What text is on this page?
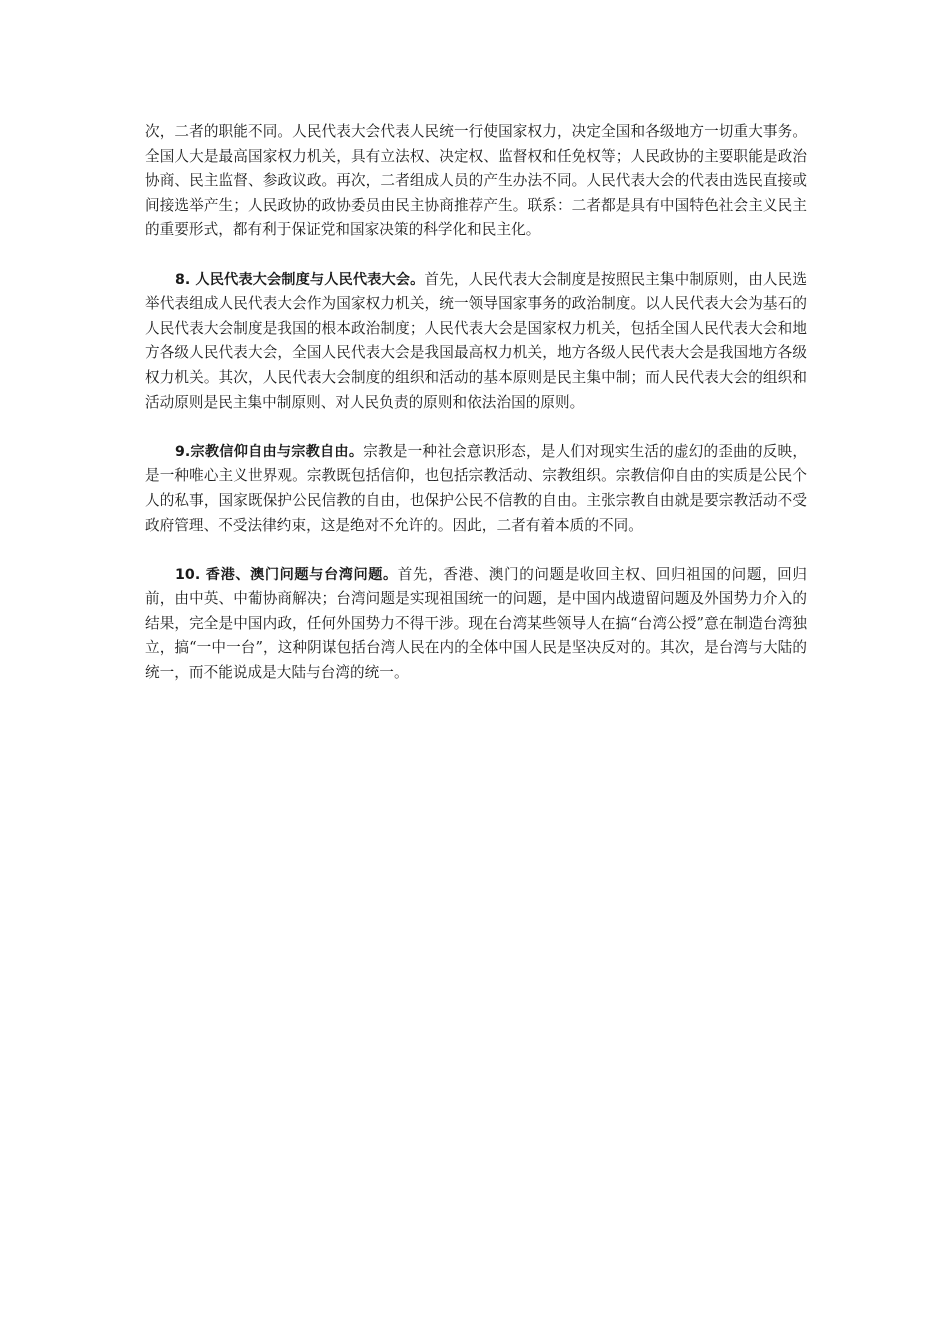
次，二者的职能不同。人民代表大会代表人民统一行使国家权力，决定全国和各级地方一切重大事务。全国人大是最高国家权力机关，具有立法权、决定权、监督权和任免权等；人民政协的主要职能是政治协商、民主监督、参政议政。再次，二者组成人员的产生办法不同。人民代表大会的代表由选民直接或间接选举产生；人民政协的政协委员由民主协商推荐产生。联系：二者都是具有中国特色社会主义民主的重要形式，都有利于保证党和国家决策的科学化和民主化。

8. 人民代表大会制度与人民代表大会。首先，人民代表大会制度是按照民主集中制原则，由人民选举代表组成人民代表大会作为国家权力机关，统一领导国家事务的政治制度。以人民代表大会为基石的人民代表大会制度是我国的根本政治制度；人民代表大会是国家权力机关，包括全国人民代表大会和地方各级人民代表大会，全国人民代表大会是我国最高权力机关，地方各级人民代表大会是我国地方各级权力机关。其次，人民代表大会制度的组织和活动的基本原则是民主集中制；而人民代表大会的组织和活动原则是民主集中制原则、对人民负责的原则和依法治国的原则。

9.宗教信仰自由与宗教自由。宗教是一种社会意识形态，是人们对现实生活的虚幻的歪曲的反映，是一种唯心主义世界观。宗教既包括信仰，也包括宗教活动、宗教组织。宗教信仰自由的实质是公民个人的私事，国家既保护公民信教的自由，也保护公民不信教的自由。主张宗教自由就是要宗教活动不受政府管理、不受法律约束，这是绝对不允许的。因此，二者有着本质的不同。

10. 香港、澳门问题与台湾问题。首先，香港、澳门的问题是收回主权、回归祖国的问题，回归前，由中英、中葡协商解决；台湾问题是实现祖国统一的问题，是中国内战遗留问题及外国势力介入的结果，完全是中国内政，任何外国势力不得干涉。现在台湾某些领导人在搞“台湾公授”意在制造台湾独立，搞“一中一台”，这种阴谋包括台湾人民在内的全体中国人民是坚决反对的。其次，是台湾与大陆的统一，而不能说成是大陆与台湾的统一。
